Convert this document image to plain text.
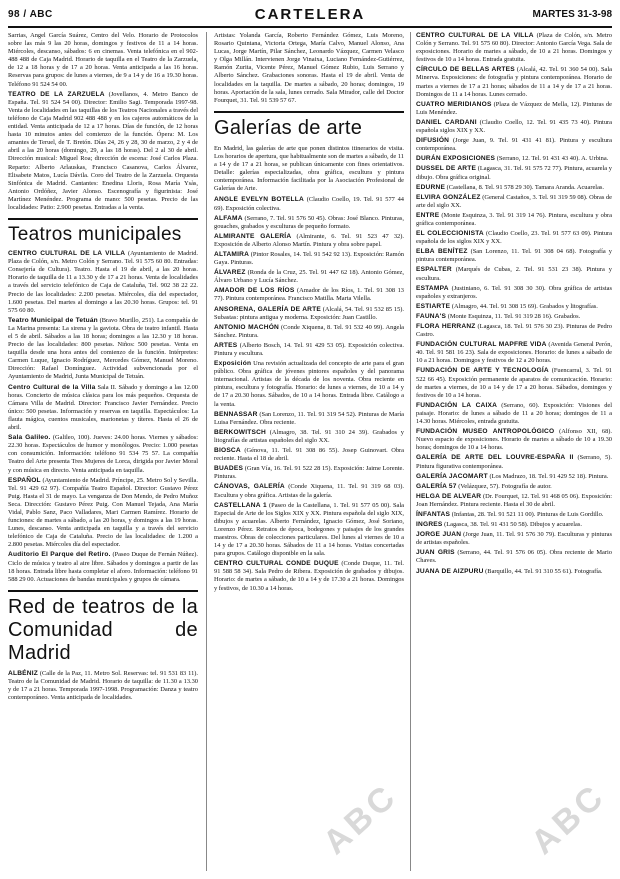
98 / ABC	CARTELERA	MARTES 31-3-98
Sarrias, Angel García Suárez, Centro del Velo. Horario de Protocolos sobre las más 9 las 20 horas, domingos y festivos de 11 a 14 horas. Miércoles, descanso, sábados: 6 en cinemas. Venta telefónica en el 902-488 488 de Caja Madrid. Horario de taquilla en el Teatro de la Zarzuela, de 12 a 18 horas y de 17 a 20 horas. Venta anticipada a las 16 horas. Reservas para grupos: de lunes a viernes, de 9 a 14 y de 16 a 19.30 horas. Teléfono 91 524 54 00.
TEATRO DE LA ZARZUELA (Jovellanos, 4. Metro Banco de España. Tel. 91 524 54 00). Director: Emilio Sagi. Temporada 1997-98. Venta de localidades en las taquillas de los Teatros Nacionales a través del teléfono de Caja Madrid 902 488 488 y en los cajeros automáticos de la entidad. Venta anticipada de 12 a 17 horas. Días de función, de 12 horas hasta 10 minutos antes del comienzo de la función. Ópera: M. Los amantes de Teruel, de T. Bretón. Días 24, 26 y 28, 30 de marzo, 2 y 4 de abril a las 20 horas (domingo, 29, a las 18 horas). Del 2 al 30 de abril. Dirección musical: Miguel Roa; dirección de escena: José Carlos Plaza. Reparto: Alberto Arlauskas, Francisco Casanova, Carlos Álvarez, Elisabete Matos, Lucía Dávila. Coro del Teatro de la Zarzuela. Orquesta Sinfónica de Madrid. Cantantes: Enedina Lloris, Rosa María Ysàs, Antonio Ordóñez, Javier Alonso. Escenografía y figurinista: José Martínez Menéndez. Programa de mano: 500 pesetas. Precio de las localidades: Patio: 2.900 pesetas. Entradas a la venta.
Teatros municipales
CENTRO CULTURAL DE LA VILLA (Ayuntamiento de Madrid. Plaza de Colón, s/n. Metro Colón y Serrano. Tel. 91 575 60 80. Entradas: Consejería de Cultura). Teatro. Hasta el 19 de abril, a las 20 horas. Horario de taquilla de 11 a 13.30 y de 17 a 21 horas. Venta de localidades a través del servicio telefónico de Caja de Cataluña, Tel. 902 38 22 22. Precio de las localidades: 2.200 pesetas. Miércoles, día del espectador, 1.600 pesetas. Del martes al domingo a las 20.30 horas. Grupos: tel. 91 575 60 80.
Teatro Municipal de Tetuán (Bravo Murillo, 251). La compañía de La Marina presenta: La sirena y la gaviota. Obra de teatro infantil. Hasta el 5 de abril. Sábados a las 18 horas; domingos a las 12.30 y 18 horas. Precio de las localidades: 800 pesetas. Niños: 500 pesetas. Venta en taquilla desde una hora antes del comienzo de la función. Intérpretes: Carmen Luque, Ignacio Rodríguez, Mercedes Gómez, Manuel Moreno. Dirección: Rafael Domínguez. Actividad subvencionada por el Ayuntamiento de Madrid, Junta Municipal de Tetuán.
Centro Cultural de la Villa Sala II. Sábado y domingo a las 12.00 horas. Concierto de música clásica para los más pequeños. Orquesta de Cámara Villa de Madrid. Director: Francisco Javier Fernández. Precio único: 500 pesetas. Información y reservas en taquilla. Espectáculos: La flauta mágica, cuentos musicales, marionetas y títeres. Hasta el 26 de abril.
Sala Galileo. (Galileo, 100). Jueves: 24.00 horas. Viernes y sábados: 22.30 horas. Espectáculos de humor y monólogos. Precio: 1.000 pesetas con consumición. Información: teléfono 91 534 75 57. La compañía Teatro del Arte presenta Tres Mujeres de Lorca, dirigida por Javier Moral y con música en directo. Venta anticipada en taquilla.
ESPAÑOL (Ayuntamiento de Madrid. Príncipe, 25. Metro Sol y Sevilla. Tel. 91 429 62 97). Compañía Teatro Español. Director: Gustavo Pérez Puig. Hasta el 31 de mayo. La venganza de Don Mendo, de Pedro Muñoz Seca. Dirección: Gustavo Pérez Puig. Con Manuel Tejada, Ana María Vidal, Pablo Sanz, Paco Valladares, Mari Carmen Ramírez. Horario de funciones: de martes a sábado, a las 20 horas, y domingos a las 19 horas. Lunes, descanso. Venta anticipada en taquilla y a través del servicio telefónico de Caja de Cataluña. Precio de las localidades: de 1.200 a 2.800 pesetas. Miércoles día del espectador.
Auditorio El Parque del Retiro. (Paseo Duque de Fernán Núñez). Ciclo de música y teatro al aire libre. Sábados y domingos a partir de las 18 horas. Entrada libre hasta completar el aforo. Información: teléfono 91 588 29 00. Actuaciones de bandas municipales y grupos de cámara.
Red de teatros de la Comunidad de Madrid
ALBÉNIZ (Calle de la Paz, 11. Metro Sol. Reservas: tel. 91 531 83 11). Teatro de la Comunidad de Madrid. Horario de taquilla: de 11.30 a 13.30 y de 17 a 21 horas. Temporada 1997-1998. Programación: Danza y teatro contemporáneo. Venta anticipada de localidades.
Artistas: Yolanda García, Roberto Fernández Gómez, Luis Moreno, Rosario Quintana, Victoria Ortega, María Calvo, Manuel Alonso, Ana Lucas, Jorge Martín, Pilar Sánchez, Leonardo Vázquez, Carmen Velasco y Olga Millán. Intervienen Jorge Vinaixa, Luciano Fernández-Gutiérrez, Ramón Zurita, Vicente Pérez, Manuel Gómez Rubio, Luis Serrano y Alberto Sánchez. Grabaciones sonoras. Hasta el 19 de abril. Venta de localidades en la taquilla. De martes a sábado, 20 horas; domingos, 19 horas. Aportación de la sala, lunes cerrado. Sala Mirador, calle del Doctor Fourquet, 31. Tel. 91 539 57 67.
Galerías de arte
En Madrid, las galerías de arte que ponen distintos itinerarios de visita. Los horarios de apertura, que habitualmente son de martes a sábado, de 11 a 14 y de 17 a 21 horas, se publican únicamente con fines orientativos. Detalle: galerías especializadas, obra gráfica, escultura y pintura contemporánea. Información facilitada por la Asociación Profesional de Galerías de Arte.
ANGLE EVELYN BOTELLA (Claudio Coello, 19. Tel. 91 577 44 69). Exposición colectiva.
ALFAMA (Serrano, 7. Tel. 91 576 50 45). Obras: José Blanco. Pinturas, gouaches, grabados y esculturas de pequeño formato.
ALMIRANTE GALERÍA (Almirante, 6. Tel. 91 523 47 32). Exposición de Alberto Alonso Martín. Pintura y obra sobre papel.
ALTAMIRA (Pintor Rosales, 14. Tel. 91 542 92 13). Exposición: Ramón Gaya. Pinturas.
ÁLVAREZ (Ronda de la Cruz, 25. Tel. 91 447 62 18). Antonio Gómez, Álvaro Urbano y Lucía Sánchez.
AMADOR DE LOS RÍOS (Amador de los Ríos, 1. Tel. 91 308 13 77). Pintura contemporánea. Francisco Matilla. Marta Vilella.
ANSORENA, GALERÍA DE ARTE (Alcalá, 54. Tel. 91 532 85 15). Subastas: pintura antigua y moderna. Exposición: Juan Castillo.
ANTONIO MACHÓN (Conde Xiquena, 8. Tel. 91 532 40 99). Angela Sánchez. Pintura.
ARTES (Alberto Bosch, 14. Tel. 91 429 53 05). Exposición colectiva. Pintura y escultura.
Exposición Una revisión actualizada del concepto de arte para el gran público. Obra gráfica de jóvenes pintores españoles y del panorama internacional. Artistas de la década de los noventa. Obra reciente en pintura, escultura y fotografía. Horario: de lunes a viernes, de 10 a 14 y de 17 a 20.30 horas. Sábados, de 10 a 14 horas. Entrada libre. Catálogo a la venta.
BENNASSAR (San Lorenzo, 11. Tel. 91 319 54 52). Pinturas de María Luisa Fernández. Obra reciente.
BERKOWITSCH (Almagro, 38. Tel. 91 310 24 39). Grabados y litografías de artistas españoles del siglo XX.
BIOSCA (Génova, 11. Tel. 91 308 86 55). Josep Guinovart. Obra reciente. Hasta el 18 de abril.
BUADES (Gran Vía, 16. Tel. 91 522 28 15). Exposición: Jaime Lorente. Pinturas.
CÁNOVAS, GALERÍA (Conde Xiquena, 11. Tel. 91 319 68 03). Escultura y obra gráfica. Artistas de la galería.
CASTELLANA 1 (Paseo de la Castellana, 1. Tel. 91 577 05 00). Sala Especial de Arte de los Siglos XIX y XX. Pintura española del siglo XIX, dibujos y acuarelas. Alberto Fernández, Ignacio Gómez, José Soriano, Lorenzo Pérez. Retratos de época, bodegones y paisajes de los grandes maestros. Obras de colecciones particulares. Del lunes al viernes de 10 a 14 y de 17 a 20.30 horas. Sábados de 11 a 14 horas. Visitas concertadas para grupos. Catálogo disponible en la sala.
CENTRO CULTURAL CONDE DUQUE (Conde Duque, 11. Tel. 91 588 58 34). Sala Pedro de Ribera. Exposición de grabados y dibujos. Horario: de martes a sábado, de 10 a 14 y de 17.30 a 21 horas. Domingos y festivos, de 10.30 a 14 horas.
CENTRO CULTURAL DE LA VILLA (Plaza de Colón, s/n. Metro Colón y Serrano. Tel. 91 575 60 80). Director: Antonio García Vega. Sala de exposiciones. Horario de martes a sábado, de 10 a 21 horas. Domingos y festivos de 10 a 14 horas. Entrada gratuita.
CÍRCULO DE BELLAS ARTES (Alcalá, 42. Tel. 91 360 54 00). Sala Minerva. Exposiciones: de fotografía y pintura contemporánea. Horario de martes a viernes de 17 a 21 horas; sábados de 11 a 14 y de 17 a 21 horas. Domingos de 11 a 14 horas. Lunes cerrado.
CUATRO MERIDIANOS (Plaza de Vázquez de Mella, 12). Pinturas de Luis Menéndez.
DANIEL CARDANI (Claudio Coello, 12. Tel. 91 435 73 40). Pintura española siglos XIX y XX.
DIFUSIÓN (Jorge Juan, 9. Tel. 91 431 41 81). Pintura y escultura contemporánea.
DURÁN EXPOSICIONES (Serrano, 12. Tel. 91 431 43 40). A. Urbina.
DUSSEL DE ARTE (Lagasca, 31. Tel. 91 575 72 77). Pintura, acuarela y dibujo. Obra gráfica original.
EDURNE (Castellana, 8. Tel. 91 578 29 30). Tamara Aranda. Acuarelas.
ELVIRA GONZÁLEZ (General Castaños, 3. Tel. 91 319 59 08). Obras de arte del siglo XX.
ENTRE (Monte Esquinza, 3. Tel. 91 319 14 76). Pintura, escultura y obra gráfica contemporánea.
EL COLECCIONISTA (Claudio Coello, 23. Tel. 91 577 63 09). Pintura española de los siglos XIX y XX.
ELBA BENÍTEZ (San Lorenzo, 11. Tel. 91 308 04 68). Fotografía y pintura contemporánea.
ESPALTER (Marqués de Cubas, 2. Tel. 91 531 23 38). Pintura y escultura.
ESTAMPA (Justiniano, 6. Tel. 91 308 30 30). Obra gráfica de artistas españoles y extranjeros.
ESTIARTE (Almagro, 44. Tel. 91 308 15 69). Grabados y litografías.
FAUNA'S (Monte Esquinza, 11. Tel. 91 319 28 16). Grabados.
FLORA HERRANZ (Lagasca, 18. Tel. 91 576 30 23). Pinturas de Pedro Castro.
FUNDACIÓN CULTURAL MAPFRE VIDA (Avenida General Perón, 40. Tel. 91 581 16 23). Sala de exposiciones. Horario: de lunes a sábado de 10 a 21 horas. Domingos y festivos de 12 a 20 horas.
FUNDACIÓN DE ARTE Y TECNOLOGÍA (Fuencarral, 3. Tel. 91 522 66 45). Exposición permanente de aparatos de comunicación. Horario: de martes a viernes, de 10 a 14 y de 17 a 20 horas. Sábados, domingos y festivos de 10 a 14 horas.
FUNDACIÓN LA CAIXA (Serrano, 60). Exposición: Visiones del paisaje. Horario: de lunes a sábado de 11 a 20 horas; domingos de 11 a 14.30 horas. Miércoles, entrada gratuita.
FUNDACIÓN MUSEO ANTROPOLÓGICO (Alfonso XII, 68). Nuevo espacio de exposiciones. Horario de martes a sábado de 10 a 19.30 horas; domingos de 10 a 14 horas.
GALERÍA DE ARTE DEL LOUVRE-ESPAÑA II (Serrano, 5). Pintura figurativa contemporánea.
GALERÍA JACOMART (Los Madrazo, 18. Tel. 91 429 52 18). Pintura.
GALERÍA 57 (Velázquez, 57). Fotografía de autor.
HELGA DE ALVEAR (Dr. Fourquet, 12. Tel. 91 468 05 06). Exposición: Joan Hernández. Pintura reciente. Hasta el 30 de abril.
ÍNFANTAS (Infantas, 28. Tel. 91 521 11 00). Pinturas de Luis Gordillo.
INGRES (Lagasca, 38. Tel. 91 431 50 58). Dibujos y acuarelas.
JORGE JUAN (Jorge Juan, 11. Tel. 91 576 30 79). Esculturas y pinturas de artistas españoles.
JUAN GRIS (Serrano, 44. Tel. 91 576 06 05). Obra reciente de Mario Chaves.
JUANA DE AIZPURU (Barquillo, 44. Tel. 91 310 55 61). Fotografía.
ABC	ABC
